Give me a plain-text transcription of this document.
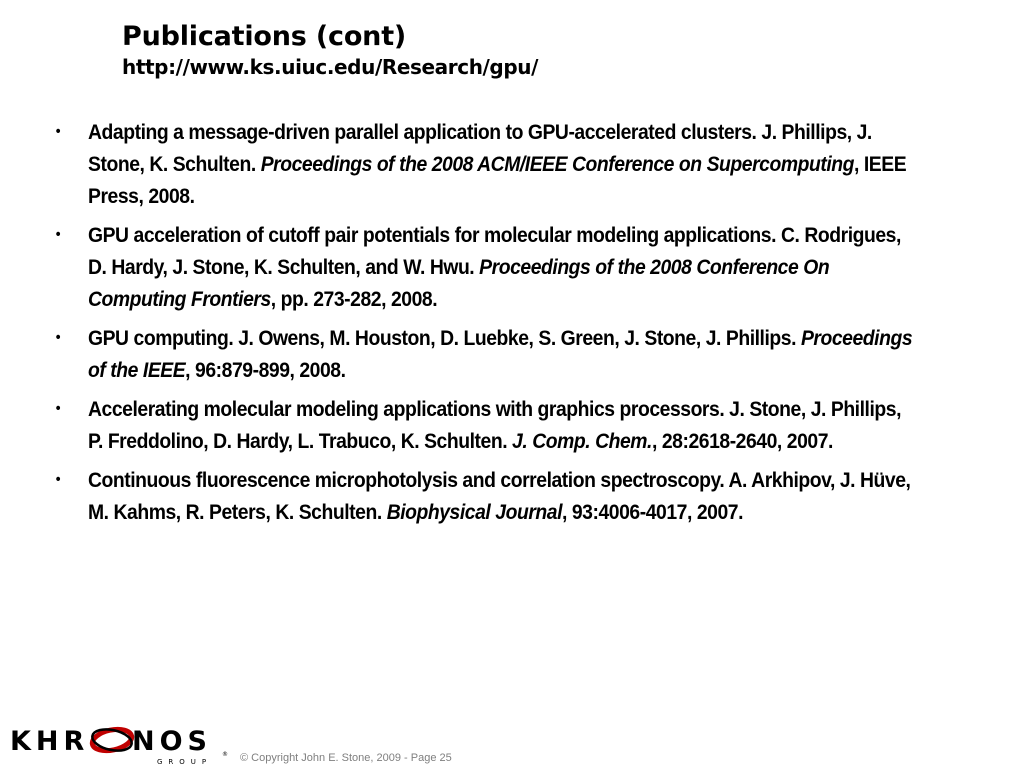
Publications (cont)
http://www.ks.uiuc.edu/Research/gpu/
• Adapting a message-driven parallel application to GPU-accelerated clusters. J. Phillips, J. Stone, K. Schulten. Proceedings of the 2008 ACM/IEEE Conference on Supercomputing, IEEE Press, 2008.
• GPU acceleration of cutoff pair potentials for molecular modeling applications. C. Rodrigues, D. Hardy, J. Stone, K. Schulten, and W. Hwu. Proceedings of the 2008 Conference On Computing Frontiers, pp. 273-282, 2008.
• GPU computing. J. Owens, M. Houston, D. Luebke, S. Green, J. Stone, J. Phillips. Proceedings of the IEEE, 96:879-899, 2008.
• Accelerating molecular modeling applications with graphics processors. J. Stone, J. Phillips, P. Freddolino, D. Hardy, L. Trabuco, K. Schulten. J. Comp. Chem., 28:2618-2640, 2007.
• Continuous fluorescence microphotolysis and correlation spectroscopy. A. Arkhipov, J. Hüve, M. Kahms, R. Peters, K. Schulten. Biophysical Journal, 93:4006-4017, 2007.
KHR NOS
GROUP
® © Copyright John E. Stone, 2009 - Page 25
